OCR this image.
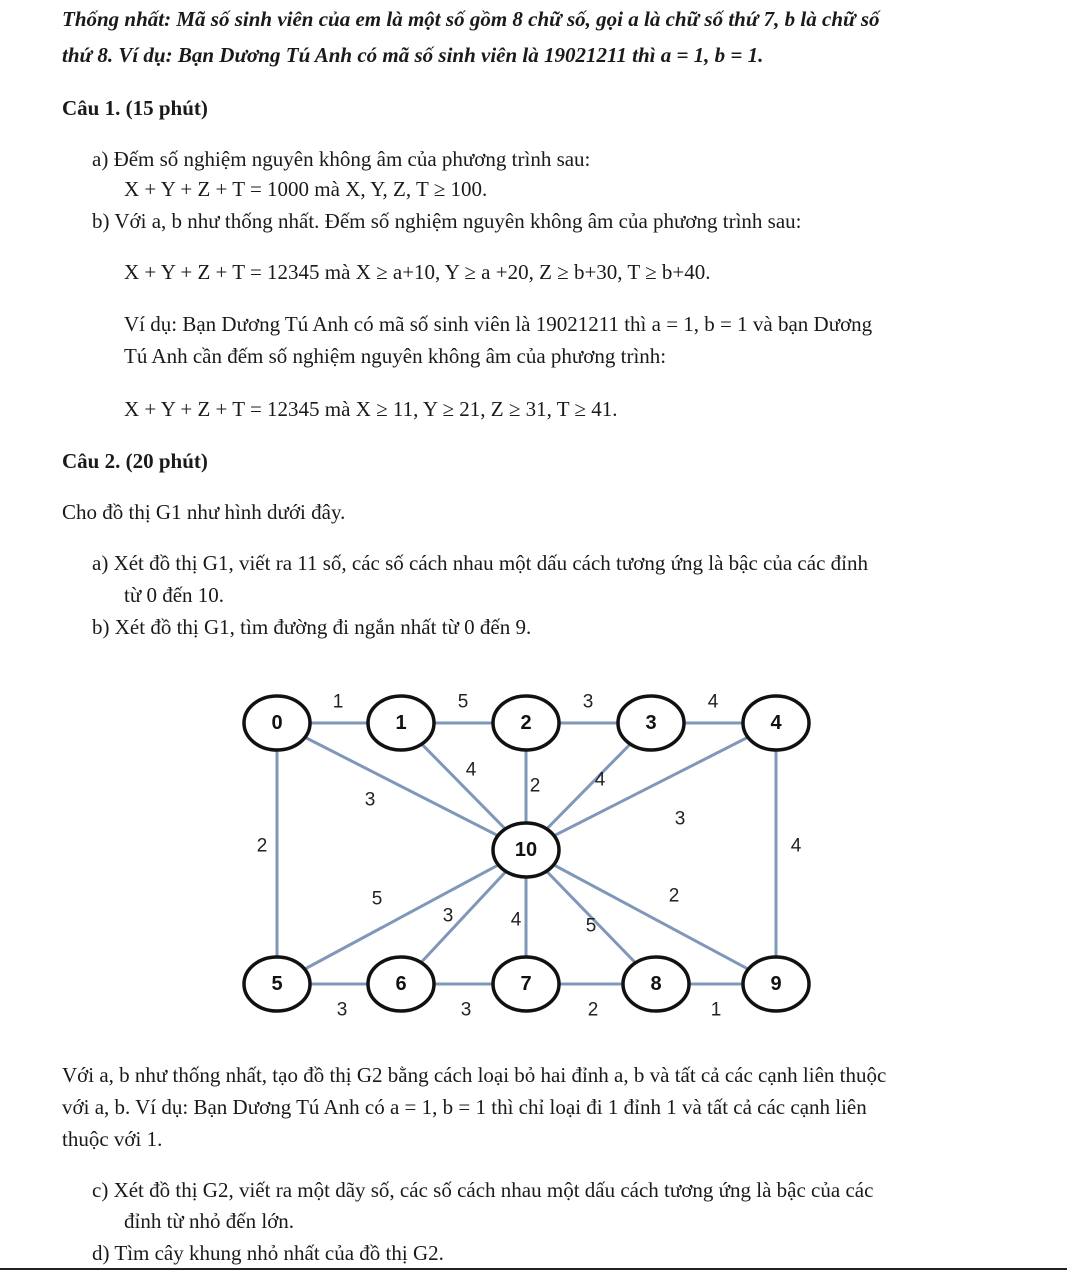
Thống nhất: Mã số sinh viên của em là một số gồm 8 chữ số, gọi a là chữ số thứ 7, b là chữ số
thứ 8. Ví dụ: Bạn Dương Tú Anh có mã số sinh viên là 19021211 thì a = 1, b = 1.
Câu 1. (15 phút)
a) Đếm số nghiệm nguyên không âm của phương trình sau:
X + Y + Z + T = 1000 mà X, Y, Z, T ≥ 100.
b) Với a, b như thống nhất. Đếm số nghiệm nguyên không âm của phương trình sau:
X + Y + Z + T = 12345 mà X ≥ a+10, Y ≥ a +20, Z ≥ b+30, T ≥ b+40.
Ví dụ: Bạn Dương Tú Anh có mã số sinh viên là 19021211 thì a = 1, b = 1 và bạn Dương
Tú Anh cần đếm số nghiệm nguyên không âm của phương trình:
X + Y + Z + T = 12345 mà X ≥ 11, Y ≥ 21, Z ≥ 31, T ≥ 41.
Câu 2. (20 phút)
Cho đồ thị G1 như hình dưới đây.
a) Xét đồ thị G1, viết ra 11 số, các số cách nhau một dấu cách tương ứng là bậc của các đỉnh
từ 0 đến 10.
b) Xét đồ thị G1, tìm đường đi ngắn nhất từ 0 đến 9.
1	5	3	4
2	4
3	3	2	1
3
4
2	4
3
5
3	4	5
2
0	1	2	3	4
5	6	7	8	9
10
Với a, b như thống nhất, tạo đồ thị G2 bằng cách loại bỏ hai đỉnh a, b và tất cả các cạnh liên thuộc
với a, b. Ví dụ: Bạn Dương Tú Anh có a = 1, b = 1 thì chỉ loại đi 1 đỉnh 1 và tất cả các cạnh liên
thuộc với 1.
c) Xét đồ thị G2, viết ra một dãy số, các số cách nhau một dấu cách tương ứng là bậc của các
đỉnh từ nhỏ đến lớn.
d) Tìm cây khung nhỏ nhất của đồ thị G2.
